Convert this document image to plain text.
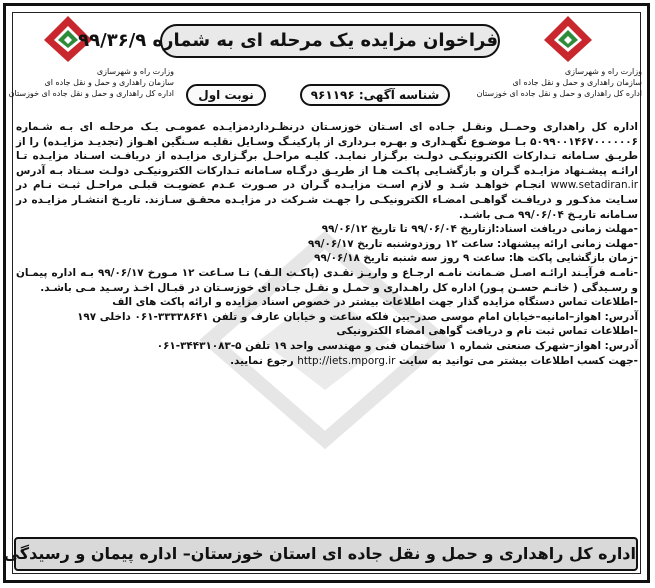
وزارت راه و شهرسازی
سازمان راهداری و حمل و نقل جاده ای
اداره کل راهداری و حمل و نقل جاده ای خوزستان
وزارت راه و شهرسازی
سازمان راهداری و حمل و نقل جاده ای
اداره کل راهداری و حمل و نقل جاده ای خوزستان
فراخوان مزایده یک مرحله ای به شماره ۹۹/۳۶/۹
شناسه آگهی: ۹۶۱۱۹۶
نوبت اول

اداره کل راهداری وحمــل ونقـل جـاده ای اسـتان خوزسـتان درنظـرداردمزایـده عمومـی یـک مرحلـه ای بـه شـماره ۵۰۹۹۰۰۱۴۶۷۰۰۰۰۰۰۶ بـا موضـوع نگهـداری و بهـره بـرداری از پارکینـگ وسـایل نقلیـه سـنگین اهـواز (تجدیـد مزایـده) را از طریـق سـامانه تـدارکات الکترونیکـی دولـت برگـزار نمایـد. کلیـه مراحـل برگـزاری مزایـده از دریافـت اسـناد مزایـده تـا ارائـه پیشـنهاد مزایـده گـران و بازگشـایی پاکـت هـا از طریـق درگـاه سـامانه تـدارکات الکترونیکـی دولـت سـتاد بـه آدرس www.setadiran.ir انجـام خواهـد شـد و لازم اسـت مزایـده گـران در صـورت عـدم عضویـت قبلـی مراحـل ثبـت نـام در سـایت مذکـور و دریافـت گواهـی امضـاء الکترونیکـی را جهـت شـرکت در مزایـده محقـق سـازند. تاریـخ انتشـار مزایـده در سـامانه تاریـخ ۹۹/۰۶/۰۴ مـی باشـد.

-مهلت زمانی دریافت اسناد:ازتاریخ ۹۹/۰۶/۰۴ تا تاریخ ۹۹/۰۶/۱۲

-مهلت زمانی ارائه پیشنهاد: ساعت ۱۲ روزدوشنبه تاریخ ۹۹/۰۶/۱۷

-زمان بازگشایی پاکت ها: ساعت ۹ روز سه شنبه تاریخ ۹۹/۰۶/۱۸

-نامـه فرآیـند ارائـه اصـل ضـمانت نامـه ارجـاع و واریـز نقـدی (پاکـت الـف) تـا سـاعت ۱۲ مـورخ ۹۹/۰۶/۱۷ بـه اداره پیمـان و رسـیدگی ( خانـم حسـن پـور) اداره کل راهـداری و حمـل و نقـل جـاده ای خوزسـتان در قبـال اخـذ رسـید مـی باشـد.

-اطلاعات تماس دستگاه مزایده گذار جهت اطلاعات بیشتر در خصوص اسناد مزایده و ارائه پاکت های الف

آدرس: اهواز–امانیه–خیابان امام موسی صدر–بین فلکه ساعت و خیابان عارف و تلفن ۳۳۳۳۸۶۴۱-۰۶۱ داخلی ۱۹۷

-اطلاعات تماس ثبت نام و دریافت گواهی امضاء الکترونیکی

آدرس: اهواز–شهرک صنعتی شماره ۱ ساختمان فنی و مهندسی واحد ۱۹ تلفن ۵-۳۴۴۳۱۰۸۳-۰۶۱

-جهت کسب اطلاعات بیشتر می توانید به سایت http://iets.mporg.ir رجوع نمایید.

اداره کل راهداری و حمل و نقل جاده ای استان خوزستان– اداره پیمان و رسیدگی
